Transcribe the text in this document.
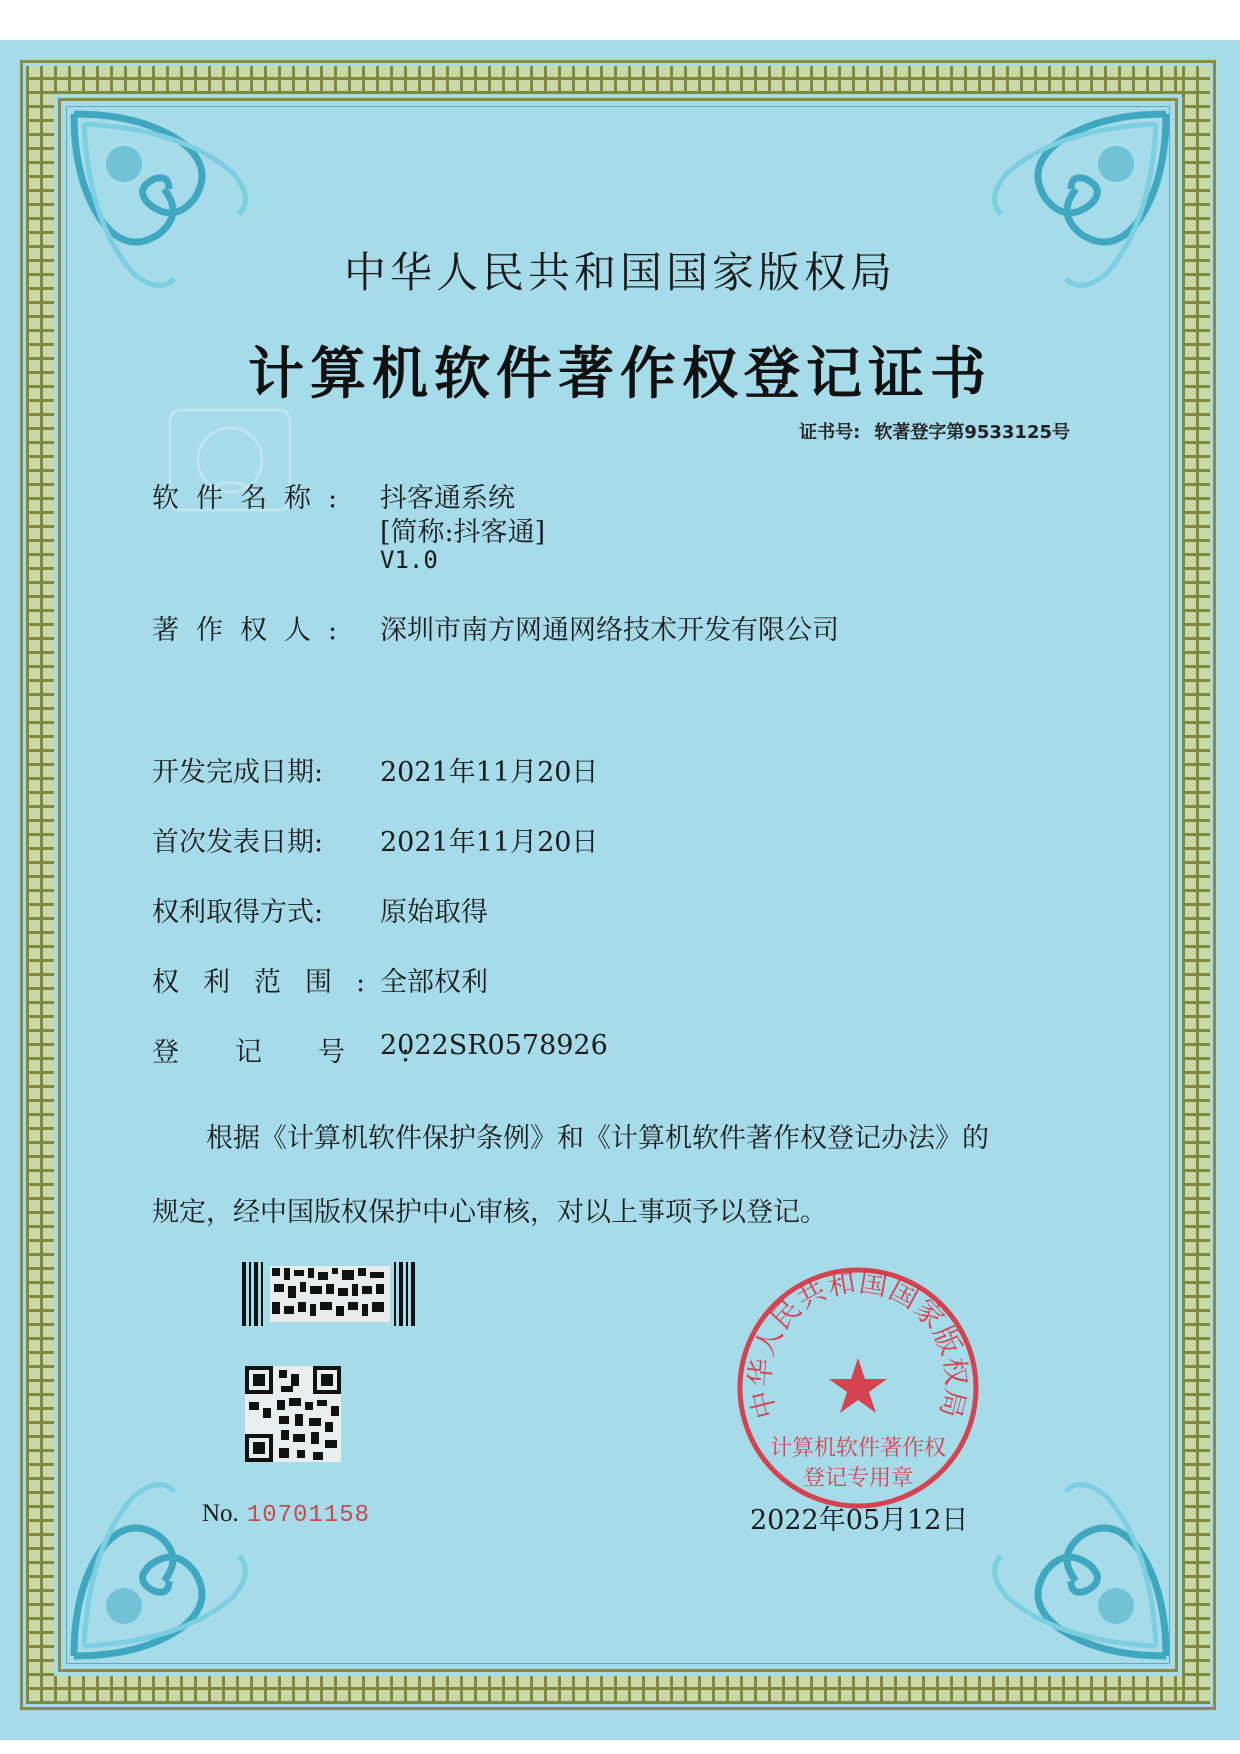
中华人民共和国国家版权局
计算机软件著作权登记证书
证书号: 软著登字第9533125号
软件名称: 抖客通系统
[简称:抖客通]
V1.0
著作权人: 深圳市南方网通网络技术开发有限公司
开发完成日期:	2021年11月20日
首次发表日期:	2021年11月20日
权利取得方式:	原始取得
权利范围:
全部权利
登记号:
2022SR0578926
根据《计算机软件保护条例》和《计算机软件著作权登记办法》的
规定，经中国版权保护中心审核，对以上事项予以登记。
No. 10701158
中华人民共和国国家版权局
计算机软件著作权
登记专用章
2022年05月12日
